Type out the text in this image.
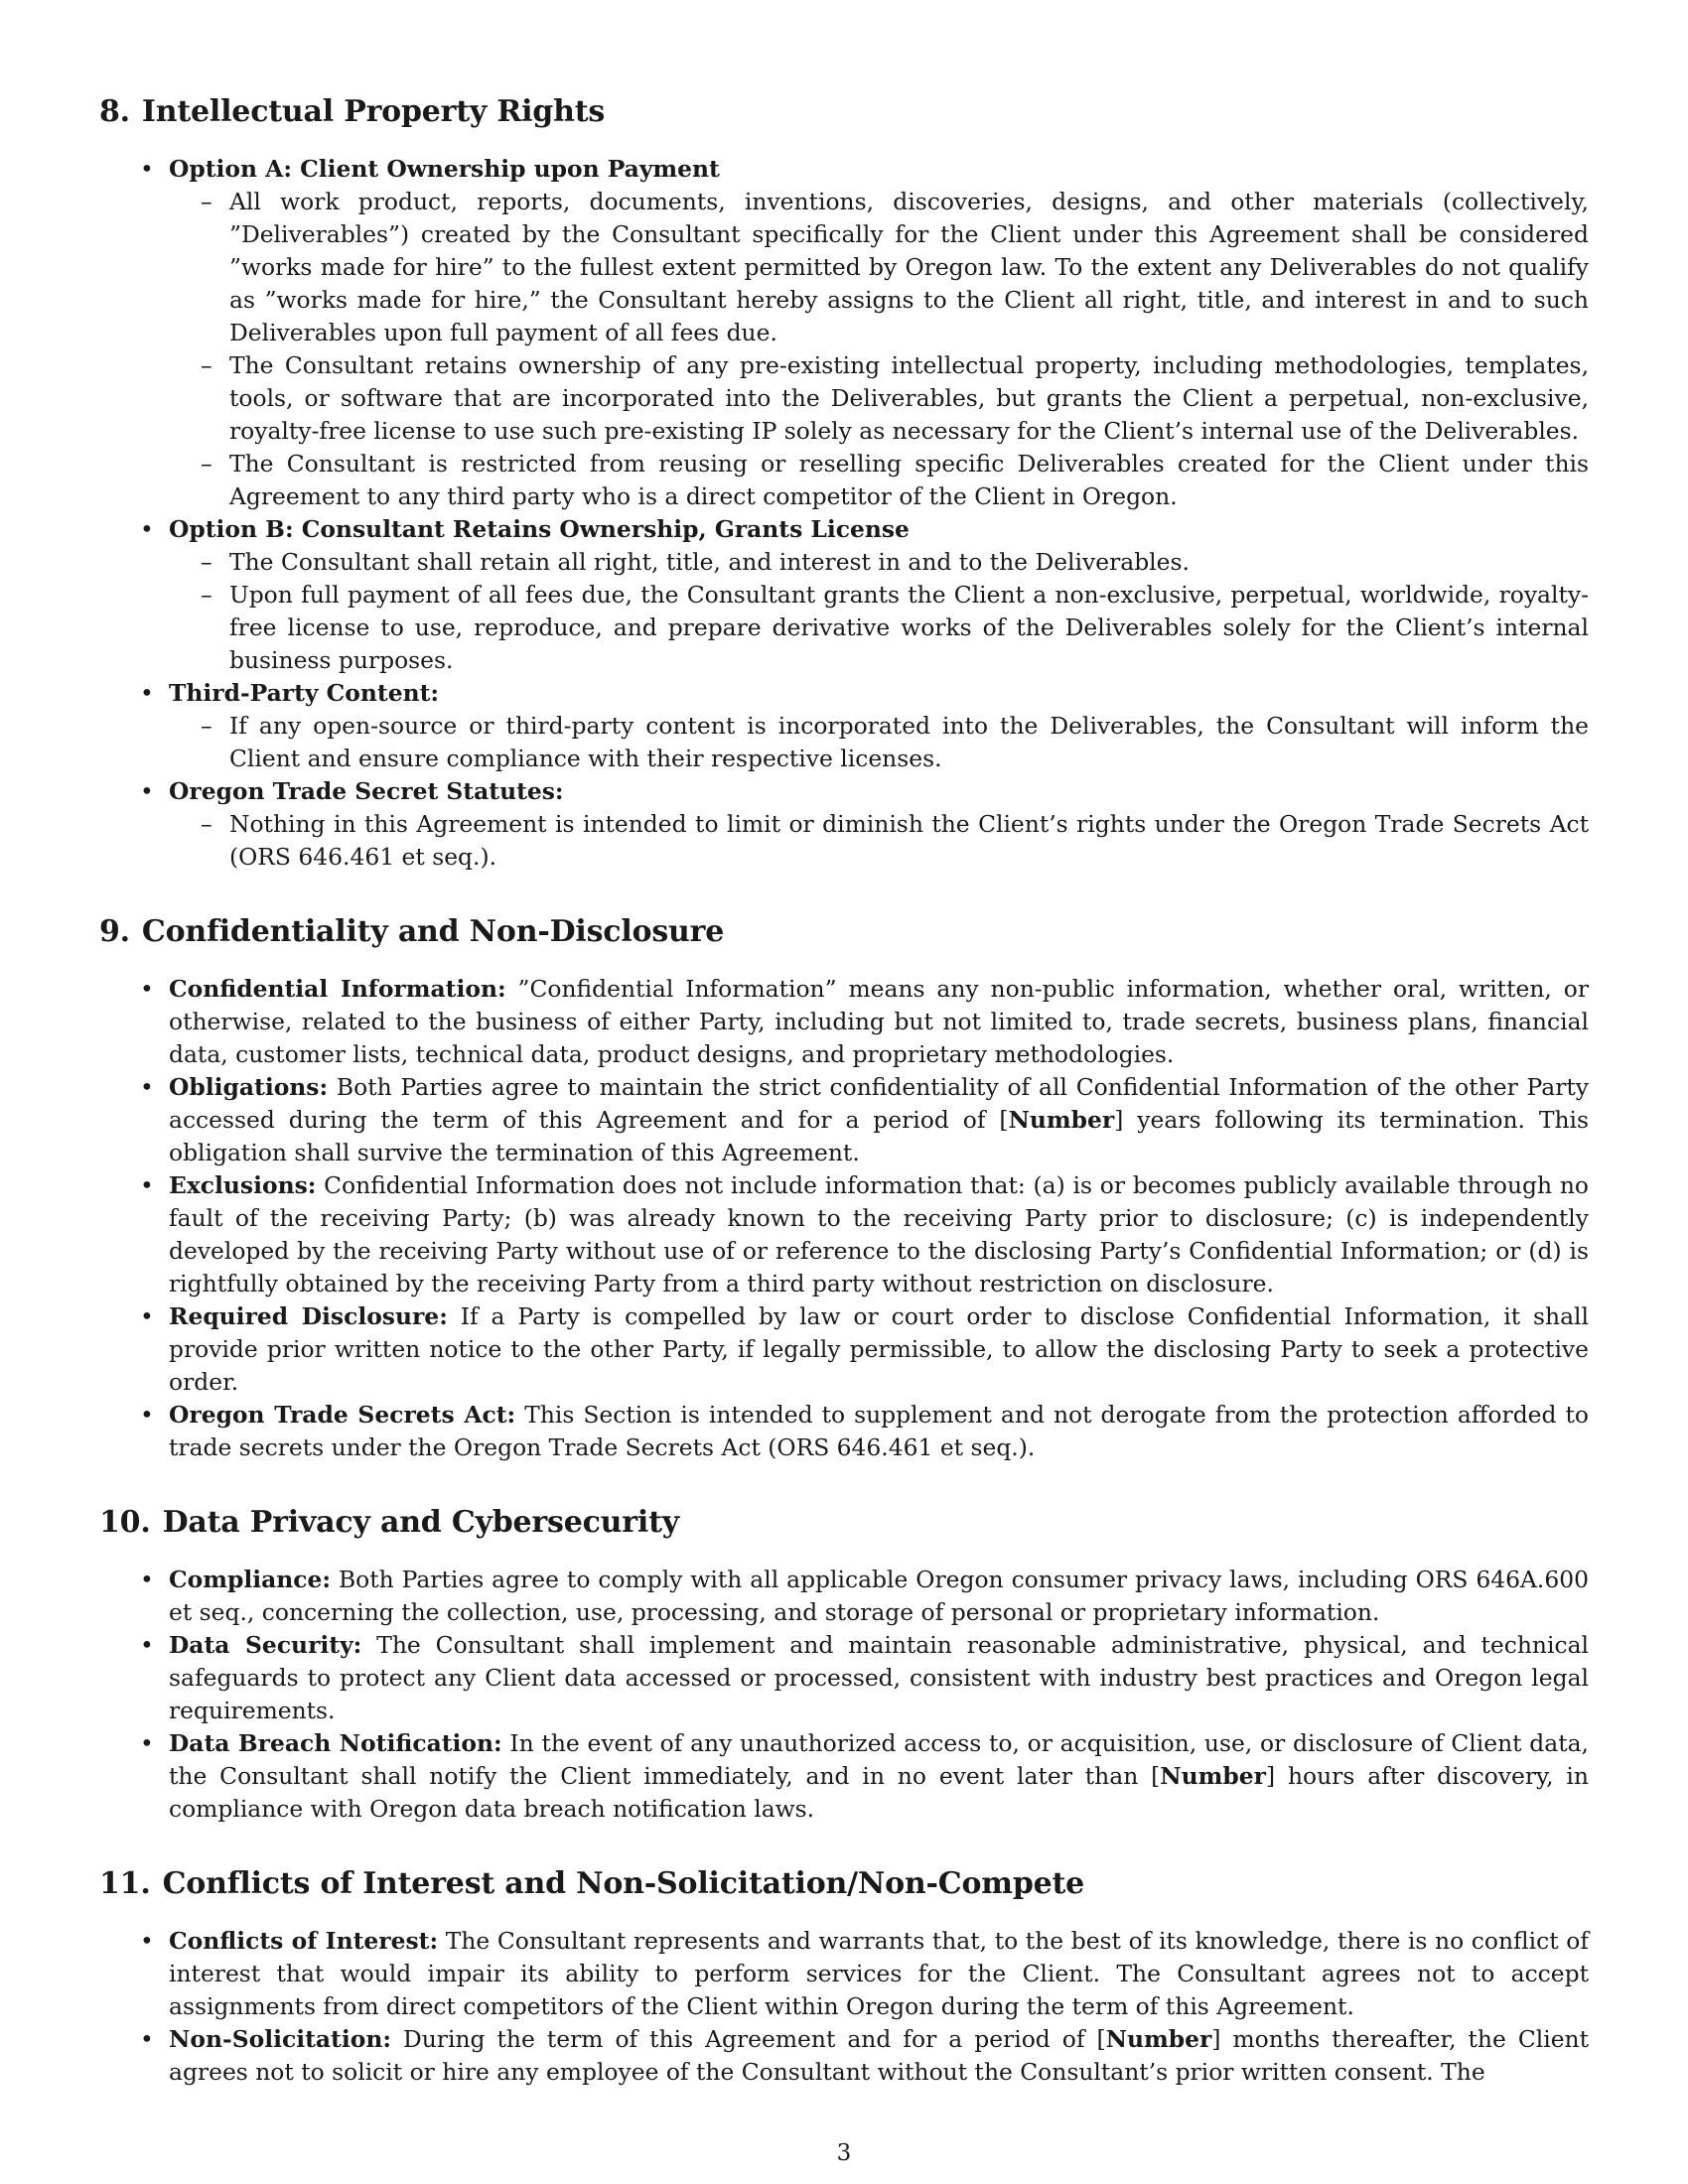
8. Intellectual Property Rights
• Option A: Client Ownership upon Payment
– All work product, reports, documents, inventions, discoveries, designs, and other materials (collectively, ”Deliverables”) created by the Consultant specifically for the Client under this Agreement shall be considered ”works made for hire” to the fullest extent permitted by Oregon law. To the extent any Deliverables do not qualify as ”works made for hire,” the Consultant hereby assigns to the Client all right, title, and interest in and to such Deliverables upon full payment of all fees due.
– The Consultant retains ownership of any pre-existing intellectual property, including methodologies, templates, tools, or software that are incorporated into the Deliverables, but grants the Client a perpetual, non-exclusive, royalty-free license to use such pre-existing IP solely as necessary for the Client’s internal use of the Deliverables.
– The Consultant is restricted from reusing or reselling specific Deliverables created for the Client under this Agreement to any third party who is a direct competitor of the Client in Oregon.
• Option B: Consultant Retains Ownership, Grants License
– The Consultant shall retain all right, title, and interest in and to the Deliverables.
– Upon full payment of all fees due, the Consultant grants the Client a non-exclusive, perpetual, worldwide, royalty-free license to use, reproduce, and prepare derivative works of the Deliverables solely for the Client’s internal business purposes.
• Third-Party Content:
– If any open-source or third-party content is incorporated into the Deliverables, the Consultant will inform the Client and ensure compliance with their respective licenses.
• Oregon Trade Secret Statutes:
– Nothing in this Agreement is intended to limit or diminish the Client’s rights under the Oregon Trade Secrets Act (ORS 646.461 et seq.).
9. Confidentiality and Non-Disclosure
• Confidential Information: ”Confidential Information” means any non-public information, whether oral, written, or otherwise, related to the business of either Party, including but not limited to, trade secrets, business plans, financial data, customer lists, technical data, product designs, and proprietary methodologies.
• Obligations: Both Parties agree to maintain the strict confidentiality of all Confidential Information of the other Party accessed during the term of this Agreement and for a period of [Number] years following its termination. This obligation shall survive the termination of this Agreement.
• Exclusions: Confidential Information does not include information that: (a) is or becomes publicly available through no fault of the receiving Party; (b) was already known to the receiving Party prior to disclosure; (c) is independently developed by the receiving Party without use of or reference to the disclosing Party’s Confidential Information; or (d) is rightfully obtained by the receiving Party from a third party without restriction on disclosure.
• Required Disclosure: If a Party is compelled by law or court order to disclose Confidential Information, it shall provide prior written notice to the other Party, if legally permissible, to allow the disclosing Party to seek a protective order.
• Oregon Trade Secrets Act: This Section is intended to supplement and not derogate from the protection afforded to trade secrets under the Oregon Trade Secrets Act (ORS 646.461 et seq.).
10. Data Privacy and Cybersecurity
• Compliance: Both Parties agree to comply with all applicable Oregon consumer privacy laws, including ORS 646A.600 et seq., concerning the collection, use, processing, and storage of personal or proprietary information.
• Data Security: The Consultant shall implement and maintain reasonable administrative, physical, and technical safeguards to protect any Client data accessed or processed, consistent with industry best practices and Oregon legal requirements.
• Data Breach Notification: In the event of any unauthorized access to, or acquisition, use, or disclosure of Client data, the Consultant shall notify the Client immediately, and in no event later than [Number] hours after discovery, in compliance with Oregon data breach notification laws.
11. Conflicts of Interest and Non-Solicitation/Non-Compete
• Conflicts of Interest: The Consultant represents and warrants that, to the best of its knowledge, there is no conflict of interest that would impair its ability to perform services for the Client. The Consultant agrees not to accept assignments from direct competitors of the Client within Oregon during the term of this Agreement.
• Non-Solicitation: During the term of this Agreement and for a period of [Number] months thereafter, the Client agrees not to solicit or hire any employee of the Consultant without the Consultant’s prior written consent. The
3
